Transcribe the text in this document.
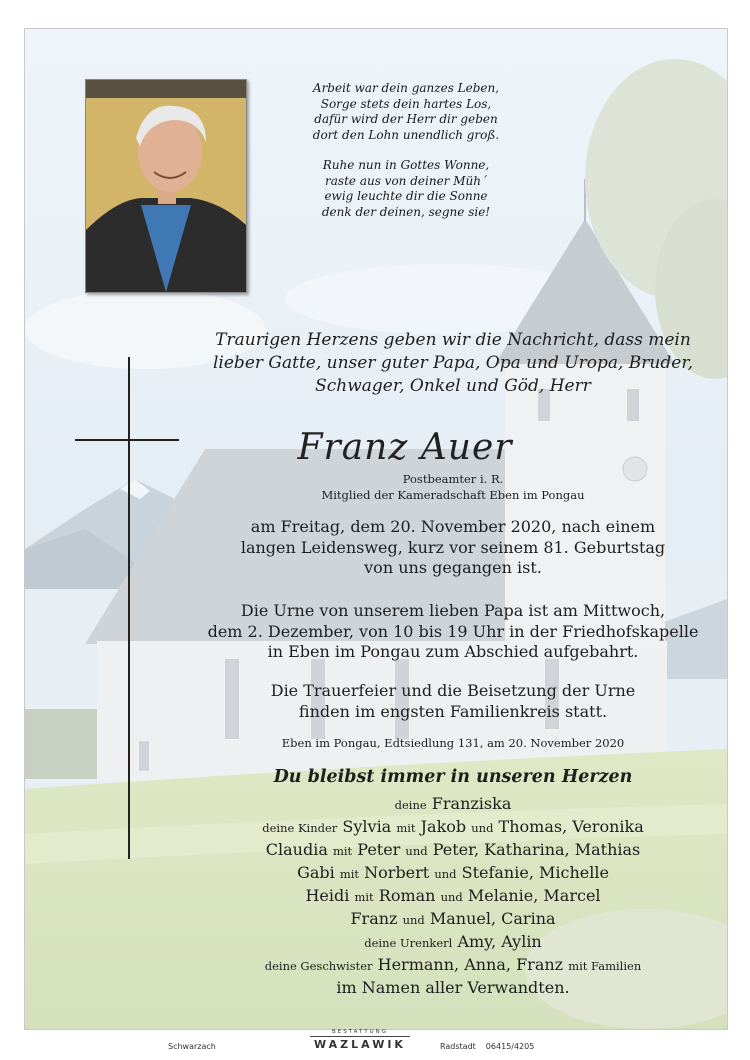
Arbeit war dein ganzes Leben,
Sorge stets dein hartes Los,
dafür wird der Herr dir geben
dort den Lohn unendlich groß.

Ruhe nun in Gottes Wonne,
raste aus von deiner Müh´
ewig leuchte dir die Sonne
denk der deinen, segne sie!

Traurigen Herzens geben wir die Nachricht, dass mein
lieber Gatte, unser guter Papa, Opa und Uropa, Bruder,
Schwager, Onkel und Göd, Herr
Franz Auer
Postbeamter i. R.
Mitglied der Kameradschaft Eben im Pongau
am Freitag, dem 20. November 2020, nach einem
langen Leidensweg, kurz vor seinem 81. Geburtstag
von uns gegangen ist.
Die Urne von unserem lieben Papa ist am Mittwoch,
dem 2. Dezember, von 10 bis 19 Uhr in der Friedhofskapelle
in Eben im Pongau zum Abschied aufgebahrt.
Die Trauerfeier und die Beisetzung der Urne
finden im engsten Familienkreis statt.
Eben im Pongau, Edtsiedlung 131, am 20. November 2020
Du bleibst immer in unseren Herzen
deine Franziska
deine Kinder Sylvia mit Jakob und Thomas, Veronika
Claudia mit Peter und Peter, Katharina, Mathias
Gabi mit Norbert und Stefanie, Michelle
Heidi mit Roman und Melanie, Marcel
Franz und Manuel, Carina
deine Urenkerl Amy, Aylin
deine Geschwister Hermann, Anna, Franz mit Familien
im Namen aller Verwandten.
Schwarzach
BESTATTUNG
WAZLAWIK	Radstadt 06415/4205
